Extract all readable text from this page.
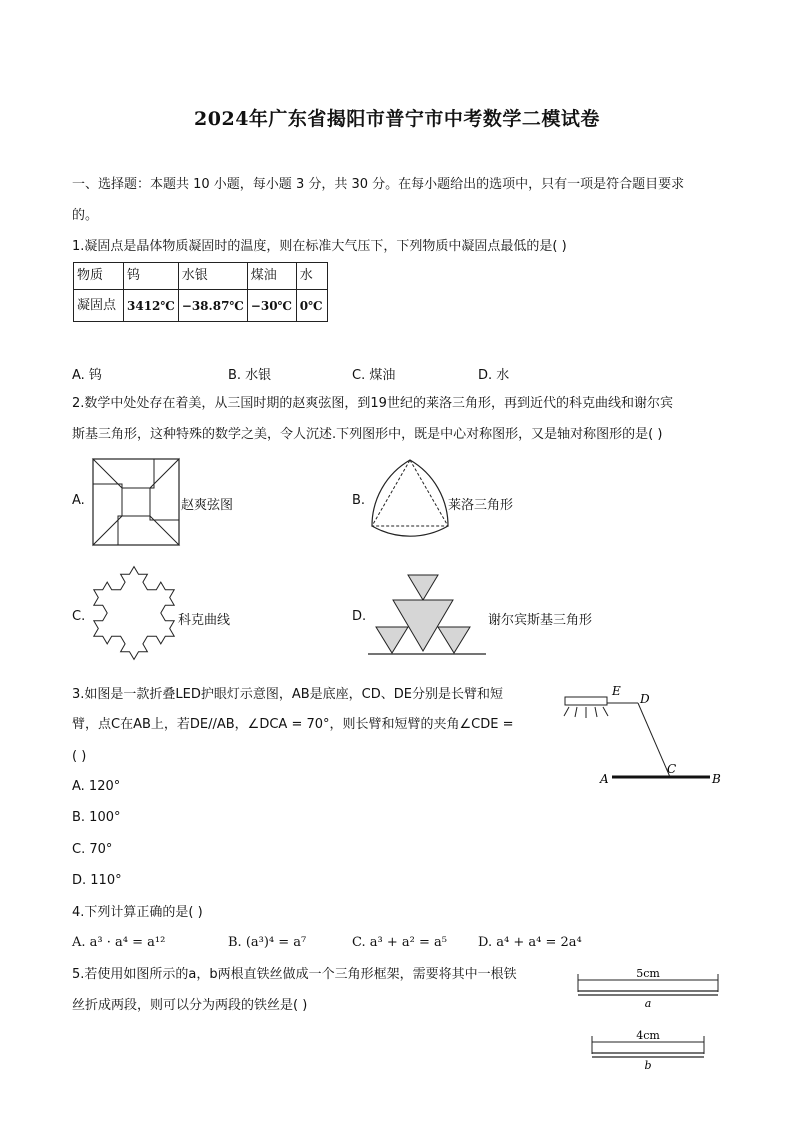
2024年广东省揭阳市普宁市中考数学二模试卷
一、选择题：本题共 10 小题，每小题 3 分，共 30 分。在每小题给出的选项中，只有一项是符合题目要求
的。
1.凝固点是晶体物质凝固时的温度，则在标准大气压下，下列物质中凝固点最低的是( )
物质	钨	水银	煤油	水
凝固点	3412℃	−38.87℃	−30℃	0℃
A. 钨	B. 水银	C. 煤油	D. 水
2.数学中处处存在着美，从三国时期的赵爽弦图，到19世纪的莱洛三角形，再到近代的科克曲线和谢尔宾
斯基三角形，这种特殊的数学之美，令人沉述.下列图形中，既是中心对称图形，又是轴对称图形的是( )
A.	赵爽弦图	B.	莱洛三角形
C.	科克曲线	D.	谢尔宾斯基三角形
3.如图是一款折叠LED护眼灯示意图，AB是底座，CD、DE分别是长臂和短
臂，点C在AB上，若DE//AB，∠DCA = 70°，则长臂和短臂的夹角∠CDE =
( )
E
D
A	B
C
A. 120°
B. 100°
C. 70°
D. 110°
4.下列计算正确的是( )
A. a³ · a⁴ = a¹²	B. (a³)⁴ = a⁷	C. a³ + a² = a⁵ D. a⁴ + a⁴ = 2a⁴
5.若使用如图所示的a，b两根直铁丝做成一个三角形框架，需要将其中一根铁
丝折成两段，则可以分为两段的铁丝是( )
5cm
a
4cm
b
